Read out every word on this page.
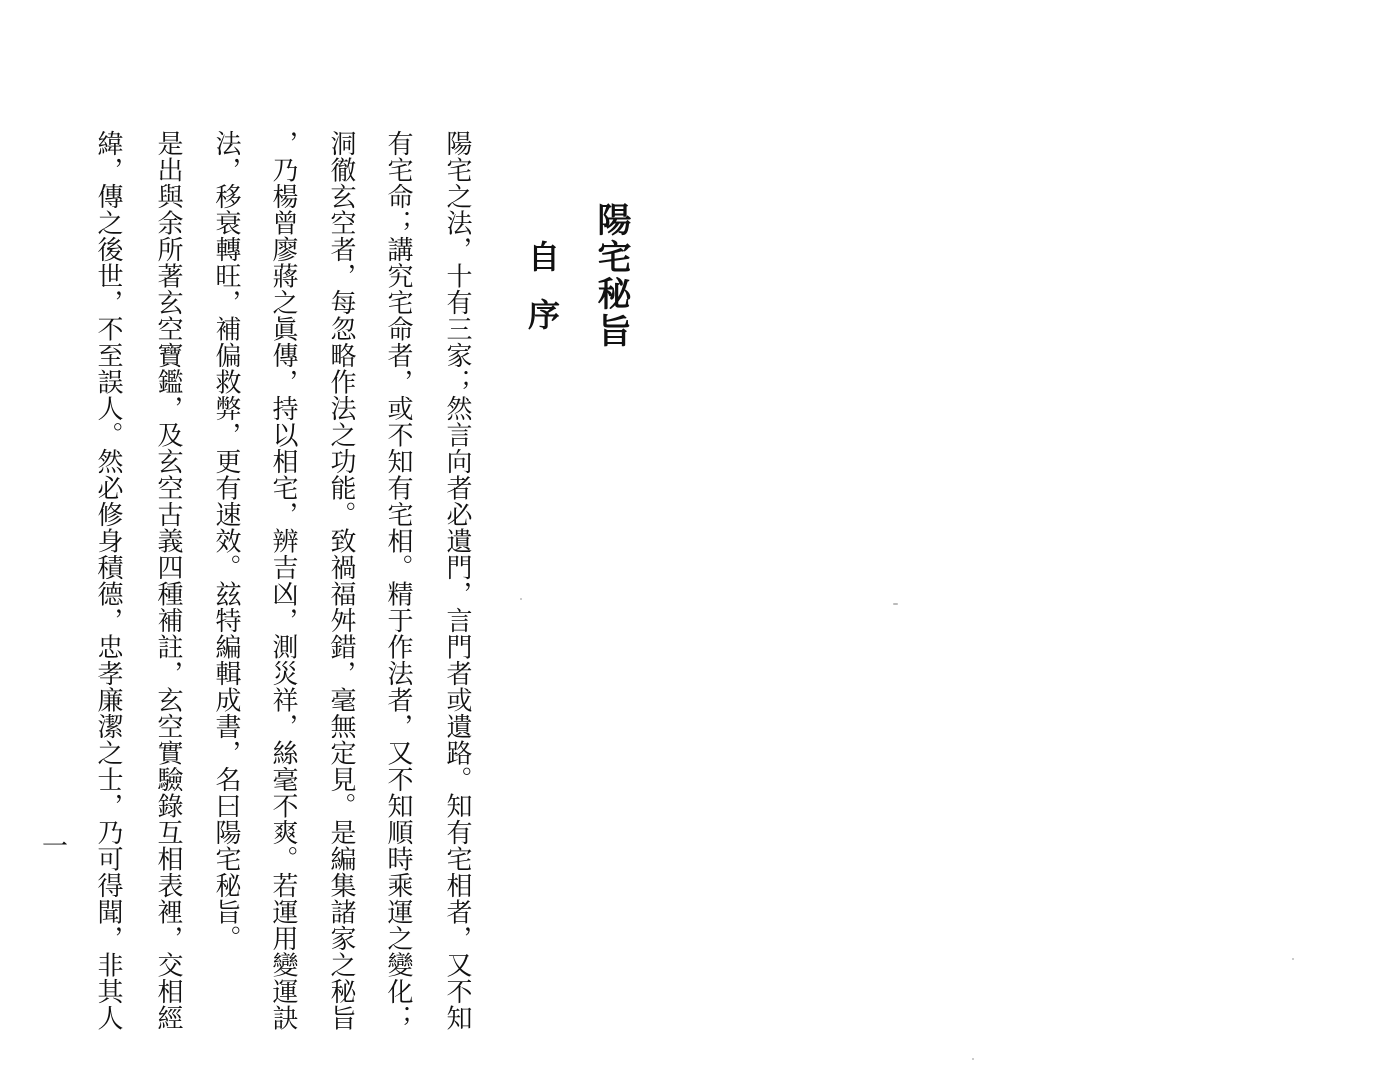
陽宅秘旨
自序
陽宅之法，十有三家；然言向者必遺門，言門者或遺路。知有宅相者，又不知
有宅命；講究宅命者，或不知有宅相。精于作法者，又不知順時乘運之變化；
洞徹玄空者，每忽略作法之功能。致禍福舛錯，毫無定見。是編集諸家之秘旨
，乃楊曾廖蔣之眞傳，持以相宅，辨吉凶，測災祥，絲毫不爽。若運用變運訣
法，移衰轉旺，補偏救弊，更有速效。玆特編輯成書，名曰陽宅秘旨。
是出與余所著玄空寶鑑，及玄空古義四種補註，玄空實驗錄互相表裡，交相經
緯，傳之後世，不至誤人。然必修身積德，忠孝廉潔之士，乃可得聞，非其人
一
